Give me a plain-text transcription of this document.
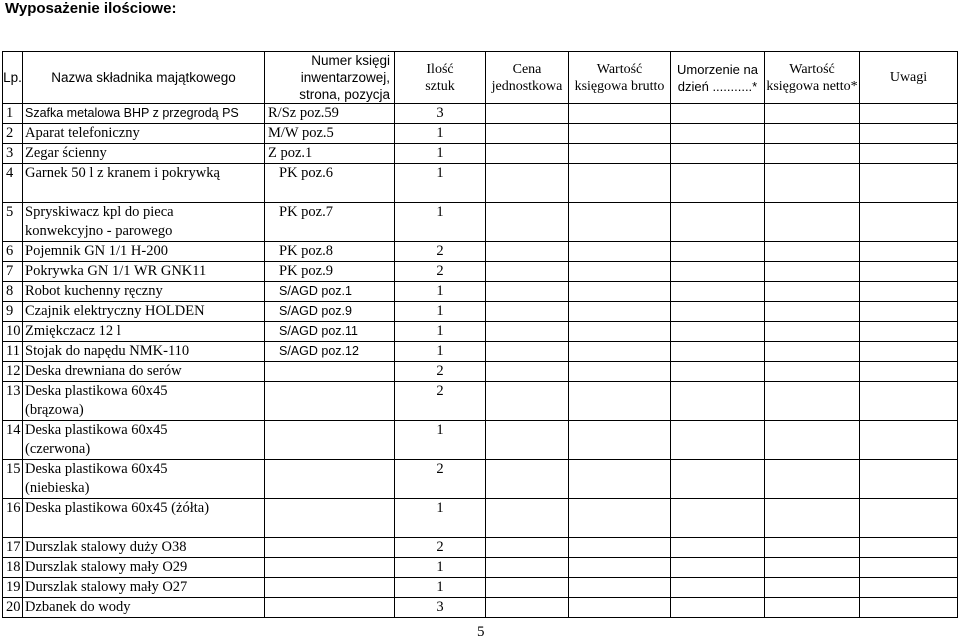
Wyposażenie ilościowe:
Lp.	Nazwa składnika majątkowego	Numer księgi inwentarzowej, strona, pozycja	Ilość sztuk	Cena jednostkowa	Wartość księgowa brutto	Umorzenie na dzień ...........*	Wartość księgowa netto*	Uwagi
1	Szafka metalowa BHP z przegrodą PS	R/Sz poz.59	3					
2	Aparat telefoniczny	M/W poz.5	1					
3	Zegar ścienny	Z poz.1	1					
4	Garnek 50 l z kranem i pokrywką	PK poz.6	1					
5	Spryskiwacz kpl do pieca konwekcyjno - parowego	PK poz.7	1					
6	Pojemnik GN 1/1 H-200	PK poz.8	2					
7	Pokrywka GN 1/1 WR GNK11	PK poz.9	2					
8	Robot kuchenny ręczny	S/AGD poz.1	1					
9	Czajnik elektryczny HOLDEN	S/AGD poz.9	1					
10	Zmiękczacz 12 l	S/AGD poz.11	1					
11	Stojak do napędu NMK-110	S/AGD poz.12	1					
12	Deska drewniana do serów		2					
13	Deska plastikowa 60x45 (brązowa)		2					
14	Deska plastikowa 60x45 (czerwona)		1					
15	Deska plastikowa 60x45 (niebieska)		2					
16	Deska plastikowa 60x45 (żółta)		1					
17	Durszlak stalowy duży O38		2					
18	Durszlak stalowy mały O29		1					
19	Durszlak stalowy mały O27		1					
20	Dzbanek do wody		3					
5
